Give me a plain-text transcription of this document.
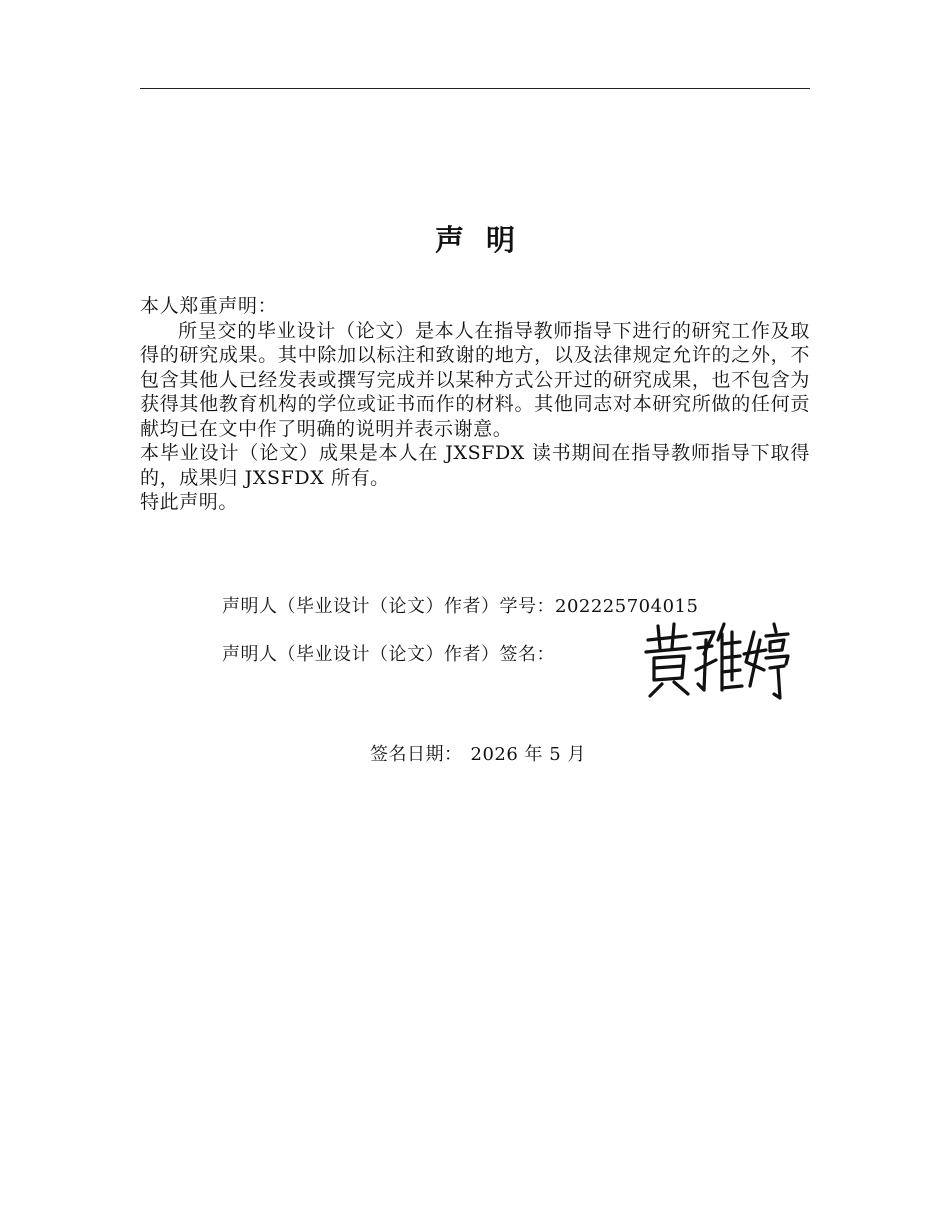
声明

本人郑重声明：

所呈交的毕业设计（论文）是本人在指导教师指导下进行的研究工作及取得的研究成果。其中除加以标注和致谢的地方，以及法律规定允许的之外，不包含其他人已经发表或撰写完成并以某种方式公开过的研究成果，也不包含为获得其他教育机构的学位或证书而作的材料。其他同志对本研究所做的任何贡献均已在文中作了明确的说明并表示谢意。

本毕业设计（论文）成果是本人在 JXSFDX 读书期间在指导教师指导下取得的，成果归 JXSFDX 所有。

特此声明。

声明人（毕业设计（论文）作者）学号：202225704015
声明人（毕业设计（论文）作者）签名：
签名日期： 2026 年 5 月
